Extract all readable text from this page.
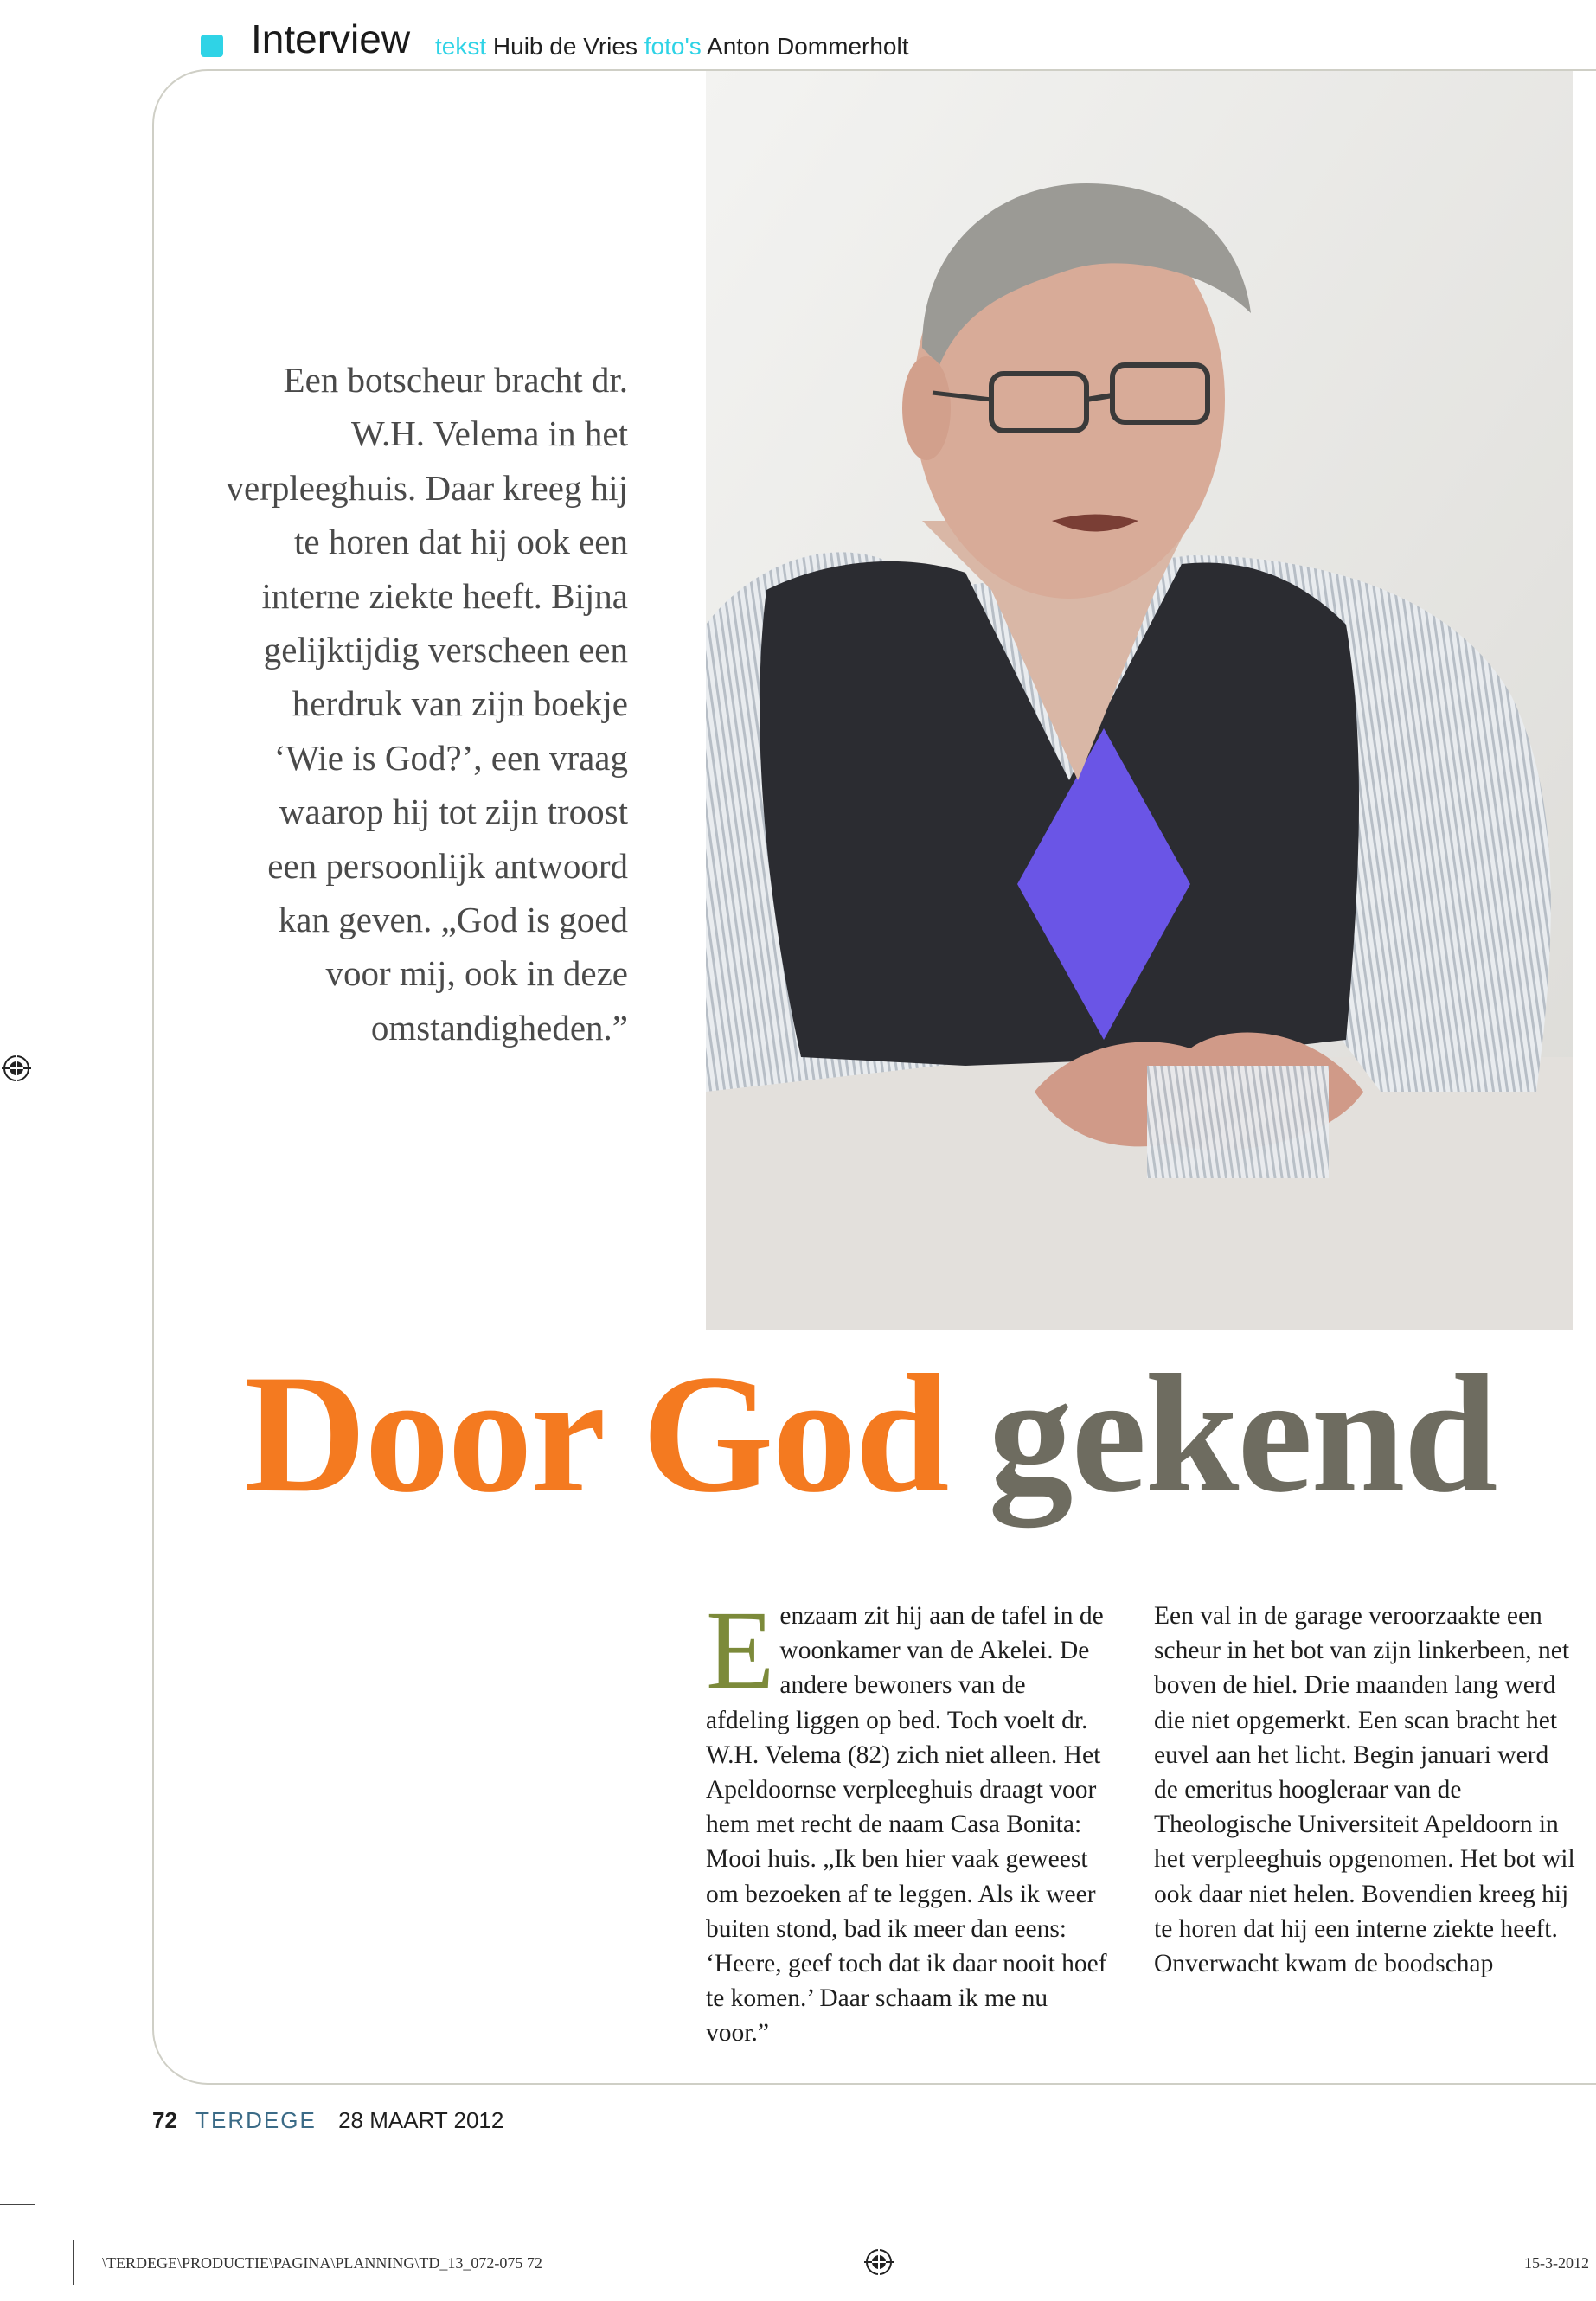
Interview tekst Huib de Vries foto's Anton Dommerholt
Een botscheur bracht dr. W.H. Velema in het verpleeghuis. Daar kreeg hij te horen dat hij ook een interne ziekte heeft. Bijna gelijktijdig verscheen een herdruk van zijn boekje ‘Wie is God?’, een vraag waarop hij tot zijn troost een persoonlijk antwoord kan geven. „God is goed voor mij, ook in deze omstandigheden.”
Door God gekend
Eenzaam zit hij aan de tafel in de woonkamer van de Akelei. De andere bewoners van de afdeling liggen op bed. Toch voelt dr. W.H. Velema (82) zich niet alleen. Het Apeldoornse verpleeghuis draagt voor hem met recht de naam Casa Bonita: Mooi huis. „Ik ben hier vaak geweest om bezoeken af te leggen. Als ik weer buiten stond, bad ik meer dan eens: ‘Heere, geef toch dat ik daar nooit hoef te komen.’ Daar schaam ik me nu voor.”
Een val in de garage veroorzaakte een scheur in het bot van zijn linkerbeen, net boven de hiel. Drie maanden lang werd die niet opgemerkt. Een scan bracht het euvel aan het licht. Begin januari werd de emeritus hoogleraar van de Theologische Universiteit Apeldoorn in het verpleeghuis opgenomen. Het bot wil ook daar niet helen. Bovendien kreeg hij te horen dat hij een interne ziekte heeft.
Onverwacht kwam de boodschap
72 TERDEGE 28 MAART 2012
\TERDEGE\PRODUCTIE\PAGINA\PLANNING\TD_13_072-075 72	15-3-2012
